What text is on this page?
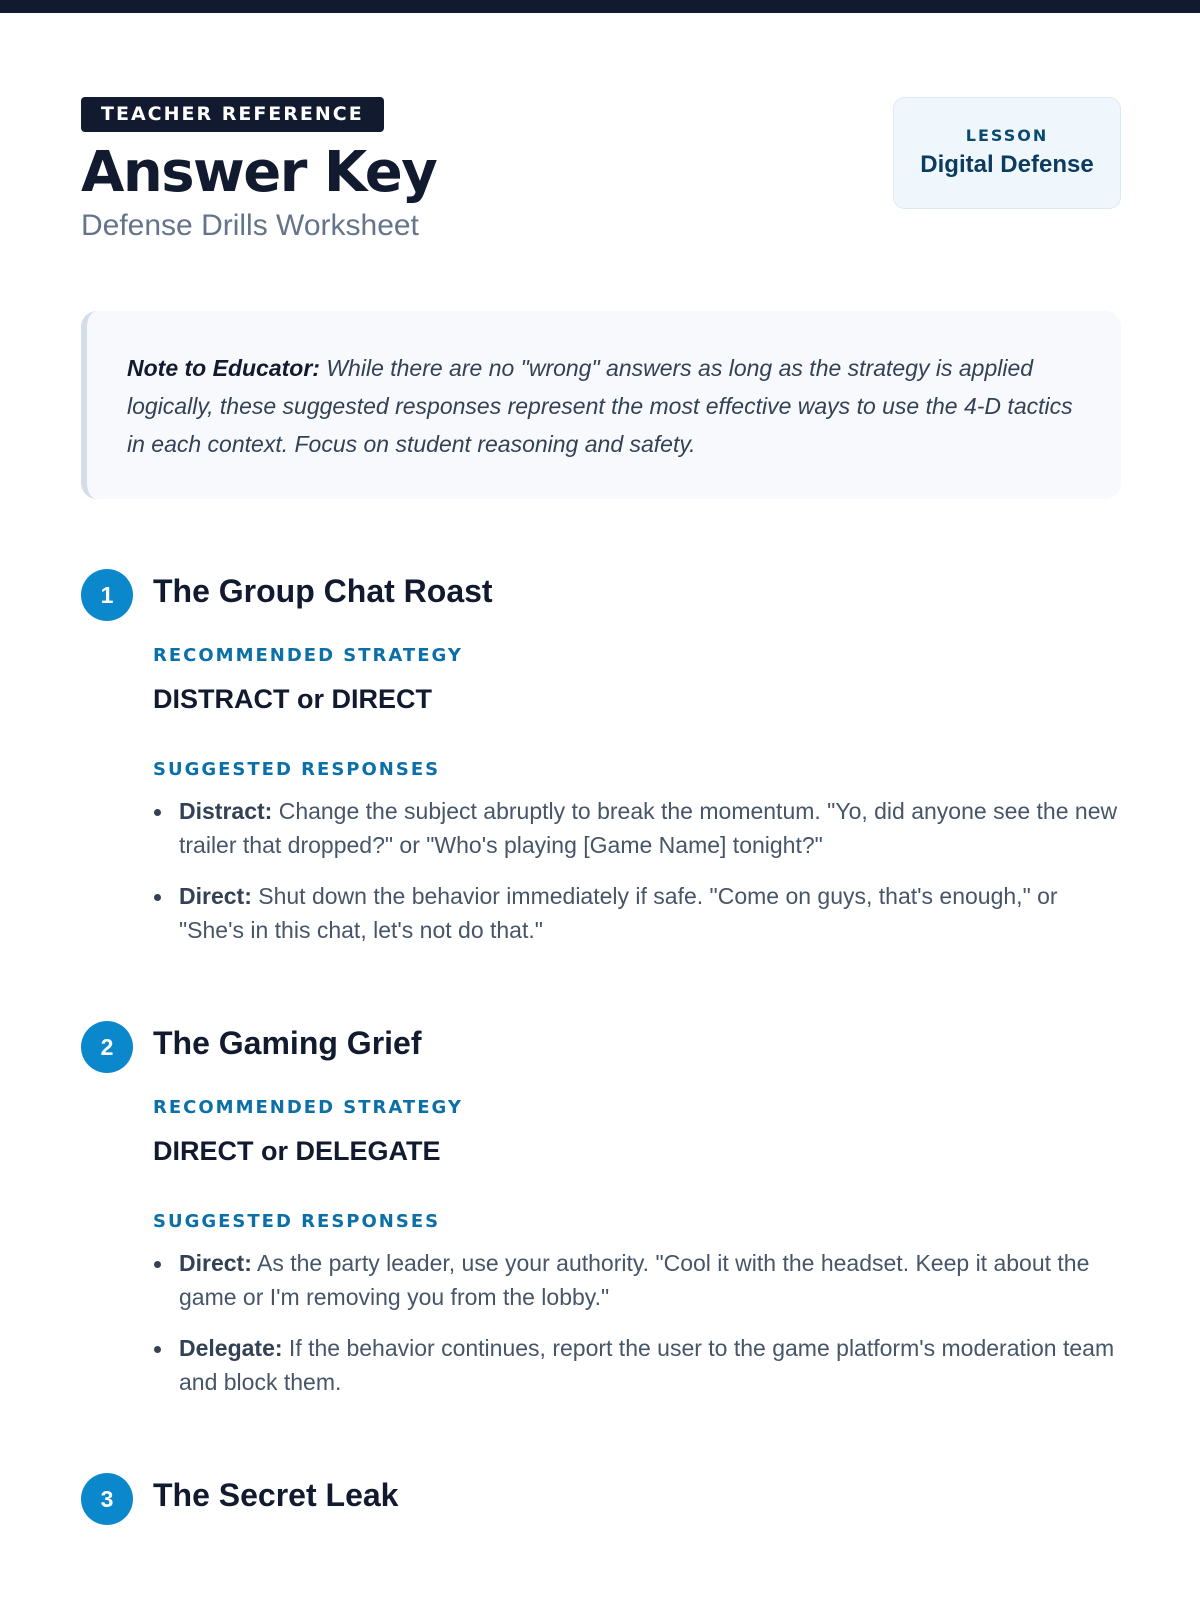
TEACHER REFERENCE
Answer Key
Defense Drills Worksheet
LESSON
Digital Defense
Note to Educator: While there are no "wrong" answers as long as the strategy is applied logically, these suggested responses represent the most effective ways to use the 4-D tactics in each context. Focus on student reasoning and safety.
1	The Group Chat Roast
RECOMMENDED STRATEGY
DISTRACT or DIRECT
SUGGESTED RESPONSES
Distract: Change the subject abruptly to break the momentum. "Yo, did anyone see the new trailer that dropped?" or "Who's playing [Game Name] tonight?"
Direct: Shut down the behavior immediately if safe. "Come on guys, that's enough," or "She's in this chat, let's not do that."
2	The Gaming Grief
RECOMMENDED STRATEGY
DIRECT or DELEGATE
SUGGESTED RESPONSES
Direct: As the party leader, use your authority. "Cool it with the headset. Keep it about the game or I'm removing you from the lobby."
Delegate: If the behavior continues, report the user to the game platform's moderation team and block them.
3	The Secret Leak
